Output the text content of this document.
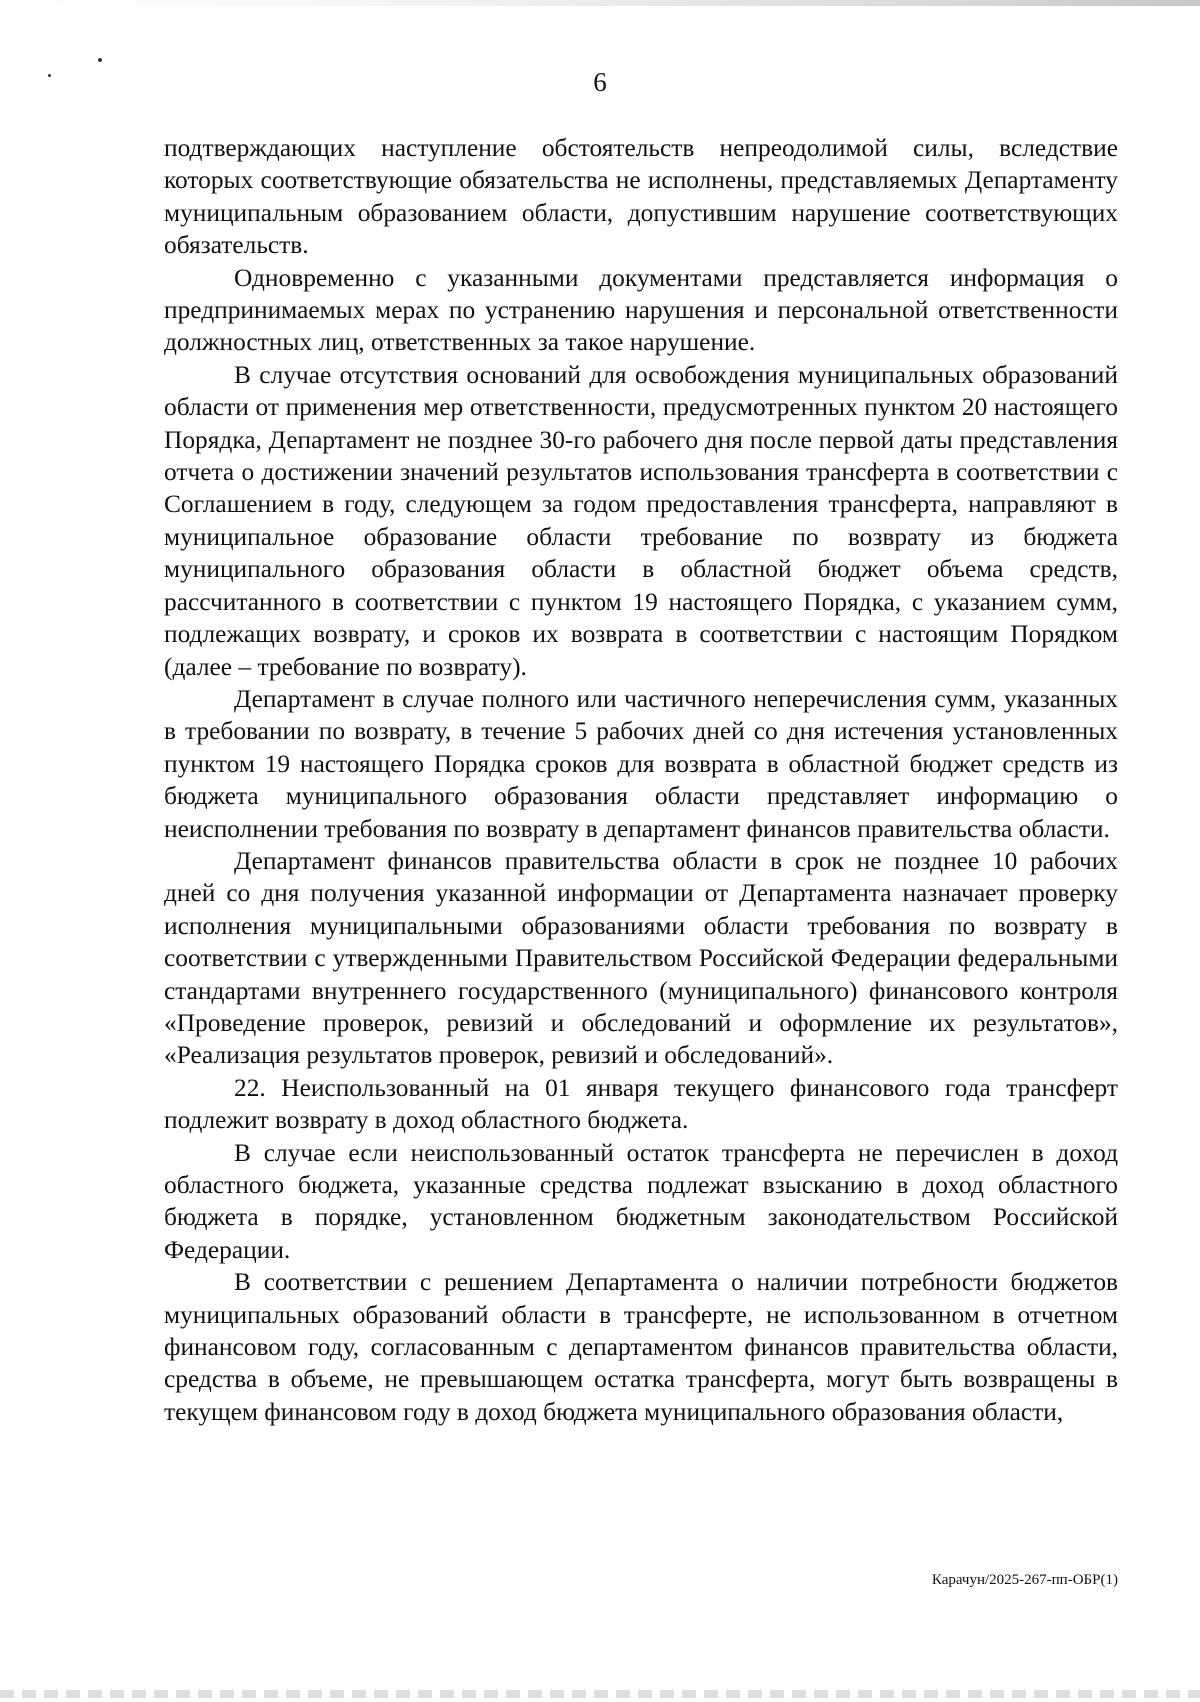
6

подтверждающих наступление обстоятельств непреодолимой силы, вследствие которых соответствующие обязательства не исполнены, представляемых Департаменту муниципальным образованием области, допустившим нарушение соответствующих обязательств.

Одновременно с указанными документами представляется информация о предпринимаемых мерах по устранению нарушения и персональной ответственности должностных лиц, ответственных за такое нарушение.

В случае отсутствия оснований для освобождения муниципальных образований области от применения мер ответственности, предусмотренных пунктом 20 настоящего Порядка, Департамент не позднее 30-го рабочего дня после первой даты представления отчета о достижении значений результатов использования трансферта в соответствии с Соглашением в году, следующем за годом предоставления трансферта, направляют в муниципальное образование области требование по возврату из бюджета муниципального образования области в областной бюджет объема средств, рассчитанного в соответствии с пунктом 19 настоящего Порядка, с указанием сумм, подлежащих возврату, и сроков их возврата в соответствии с настоящим Порядком (далее – требование по возврату).

Департамент в случае полного или частичного неперечисления сумм, указанных в требовании по возврату, в течение 5 рабочих дней со дня истечения установленных пунктом 19 настоящего Порядка сроков для возврата в областной бюджет средств из бюджета муниципального образования области представляет информацию о неисполнении требования по возврату в департамент финансов правительства области.

Департамент финансов правительства области в срок не позднее 10 рабочих дней со дня получения указанной информации от Департамента назначает проверку исполнения муниципальными образованиями области требования по возврату в соответствии с утвержденными Правительством Российской Федерации федеральными стандартами внутреннего государственного (муниципального) финансового контроля «Проведение проверок, ревизий и обследований и оформление их результатов», «Реализация результатов проверок, ревизий и обследований».

22. Неиспользованный на 01 января текущего финансового года трансферт подлежит возврату в доход областного бюджета.

В случае если неиспользованный остаток трансферта не перечислен в доход областного бюджета, указанные средства подлежат взысканию в доход областного бюджета в порядке, установленном бюджетным законодательством Российской Федерации.

В соответствии с решением Департамента о наличии потребности бюджетов муниципальных образований области в трансферте, не использованном в отчетном финансовом году, согласованным с департаментом финансов правительства области, средства в объеме, не превышающем остатка трансферта, могут быть возвращены в текущем финансовом году в доход бюджета муниципального образования области,

Карачун/2025-267-пп-ОБР(1)
